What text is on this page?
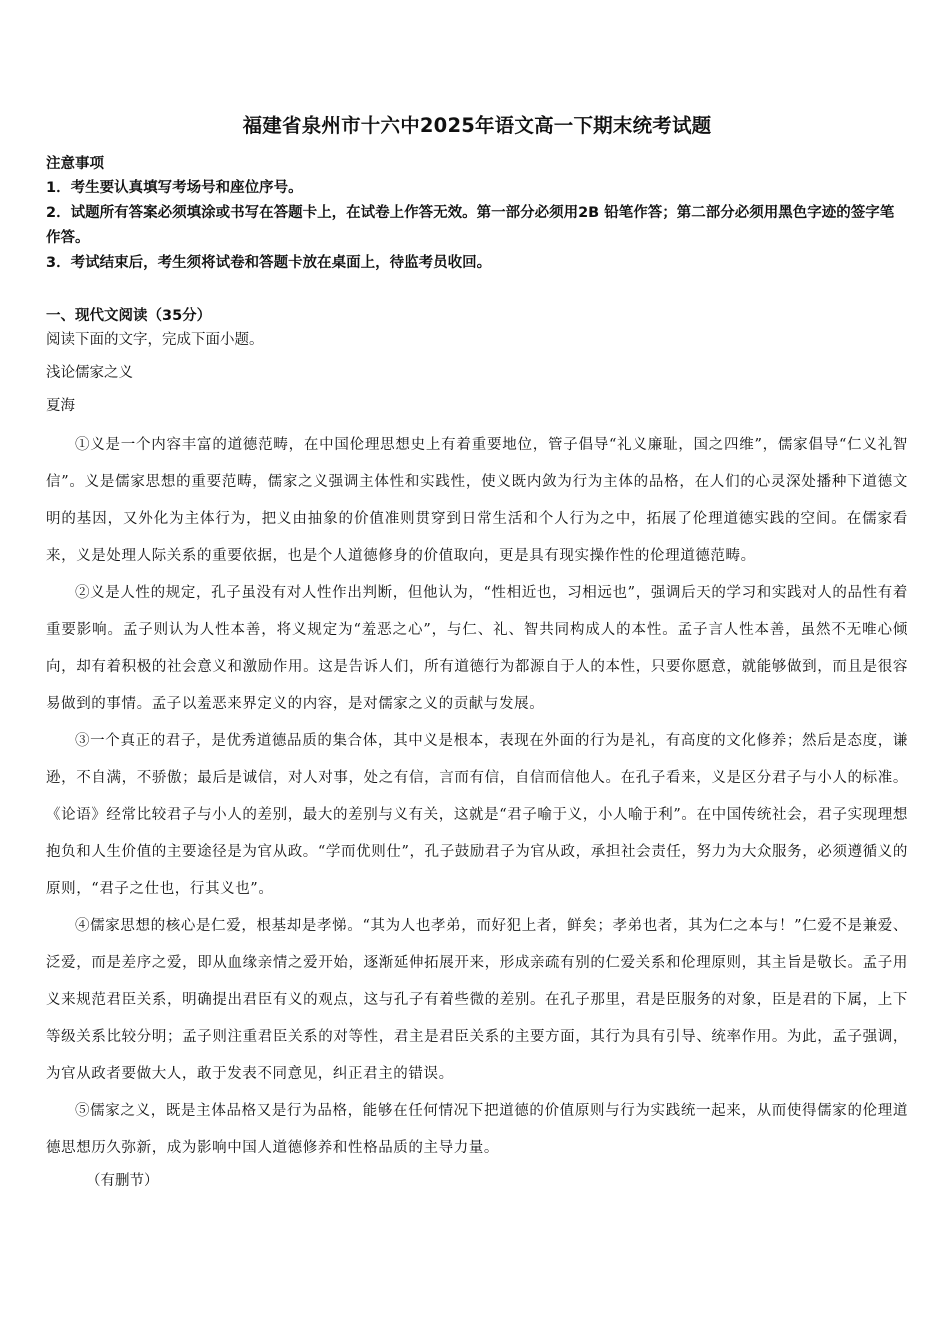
福建省泉州市十六中2025年语文高一下期末统考试题

注意事项

1．考生要认真填写考场号和座位序号。

2．试题所有答案必须填涂或书写在答题卡上，在试卷上作答无效。第一部分必须用2B 铅笔作答；第二部分必须用黑色字迹的签字笔作答。

3．考试结束后，考生须将试卷和答题卡放在桌面上，待监考员收回。

一、现代文阅读（35分）

阅读下面的文字，完成下面小题。

浅论儒家之义

夏海

①义是一个内容丰富的道德范畴，在中国伦理思想史上有着重要地位，管子倡导“礼义廉耻，国之四维”，儒家倡导“仁义礼智信”。义是儒家思想的重要范畴，儒家之义强调主体性和实践性，使义既内敛为行为主体的品格，在人们的心灵深处播种下道德文明的基因，又外化为主体行为，把义由抽象的价值准则贯穿到日常生活和个人行为之中，拓展了伦理道德实践的空间。在儒家看来，义是处理人际关系的重要依据，也是个人道德修身的价值取向，更是具有现实操作性的伦理道德范畴。

②义是人性的规定，孔子虽没有对人性作出判断，但他认为，“性相近也，习相远也”，强调后天的学习和实践对人的品性有着重要影响。孟子则认为人性本善，将义规定为“羞恶之心”，与仁、礼、智共同构成人的本性。孟子言人性本善，虽然不无唯心倾向，却有着积极的社会意义和激励作用。这是告诉人们，所有道德行为都源自于人的本性，只要你愿意，就能够做到，而且是很容易做到的事情。孟子以羞恶来界定义的内容，是对儒家之义的贡献与发展。

③一个真正的君子，是优秀道德品质的集合体，其中义是根本，表现在外面的行为是礼，有高度的文化修养；然后是态度，谦逊，不自满，不骄傲；最后是诚信，对人对事，处之有信，言而有信，自信而信他人。在孔子看来，义是区分君子与小人的标准。《论语》经常比较君子与小人的差别，最大的差别与义有关，这就是“君子喻于义，小人喻于利”。在中国传统社会，君子实现理想抱负和人生价值的主要途径是为官从政。“学而优则仕”，孔子鼓励君子为官从政，承担社会责任，努力为大众服务，必须遵循义的原则，“君子之仕也，行其义也”。

④儒家思想的核心是仁爱，根基却是孝悌。“其为人也孝弟，而好犯上者，鲜矣；孝弟也者，其为仁之本与！”仁爱不是兼爱、泛爱，而是差序之爱，即从血缘亲情之爱开始，逐渐延伸拓展开来，形成亲疏有别的仁爱关系和伦理原则，其主旨是敬长。孟子用义来规范君臣关系，明确提出君臣有义的观点，这与孔子有着些微的差别。在孔子那里，君是臣服务的对象，臣是君的下属，上下等级关系比较分明；孟子则注重君臣关系的对等性，君主是君臣关系的主要方面，其行为具有引导、统率作用。为此，孟子强调，为官从政者要做大人，敢于发表不同意见，纠正君主的错误。

⑤儒家之义，既是主体品格又是行为品格，能够在任何情况下把道德的价值原则与行为实践统一起来，从而使得儒家的伦理道德思想历久弥新，成为影响中国人道德修养和性格品质的主导力量。

（有删节）
